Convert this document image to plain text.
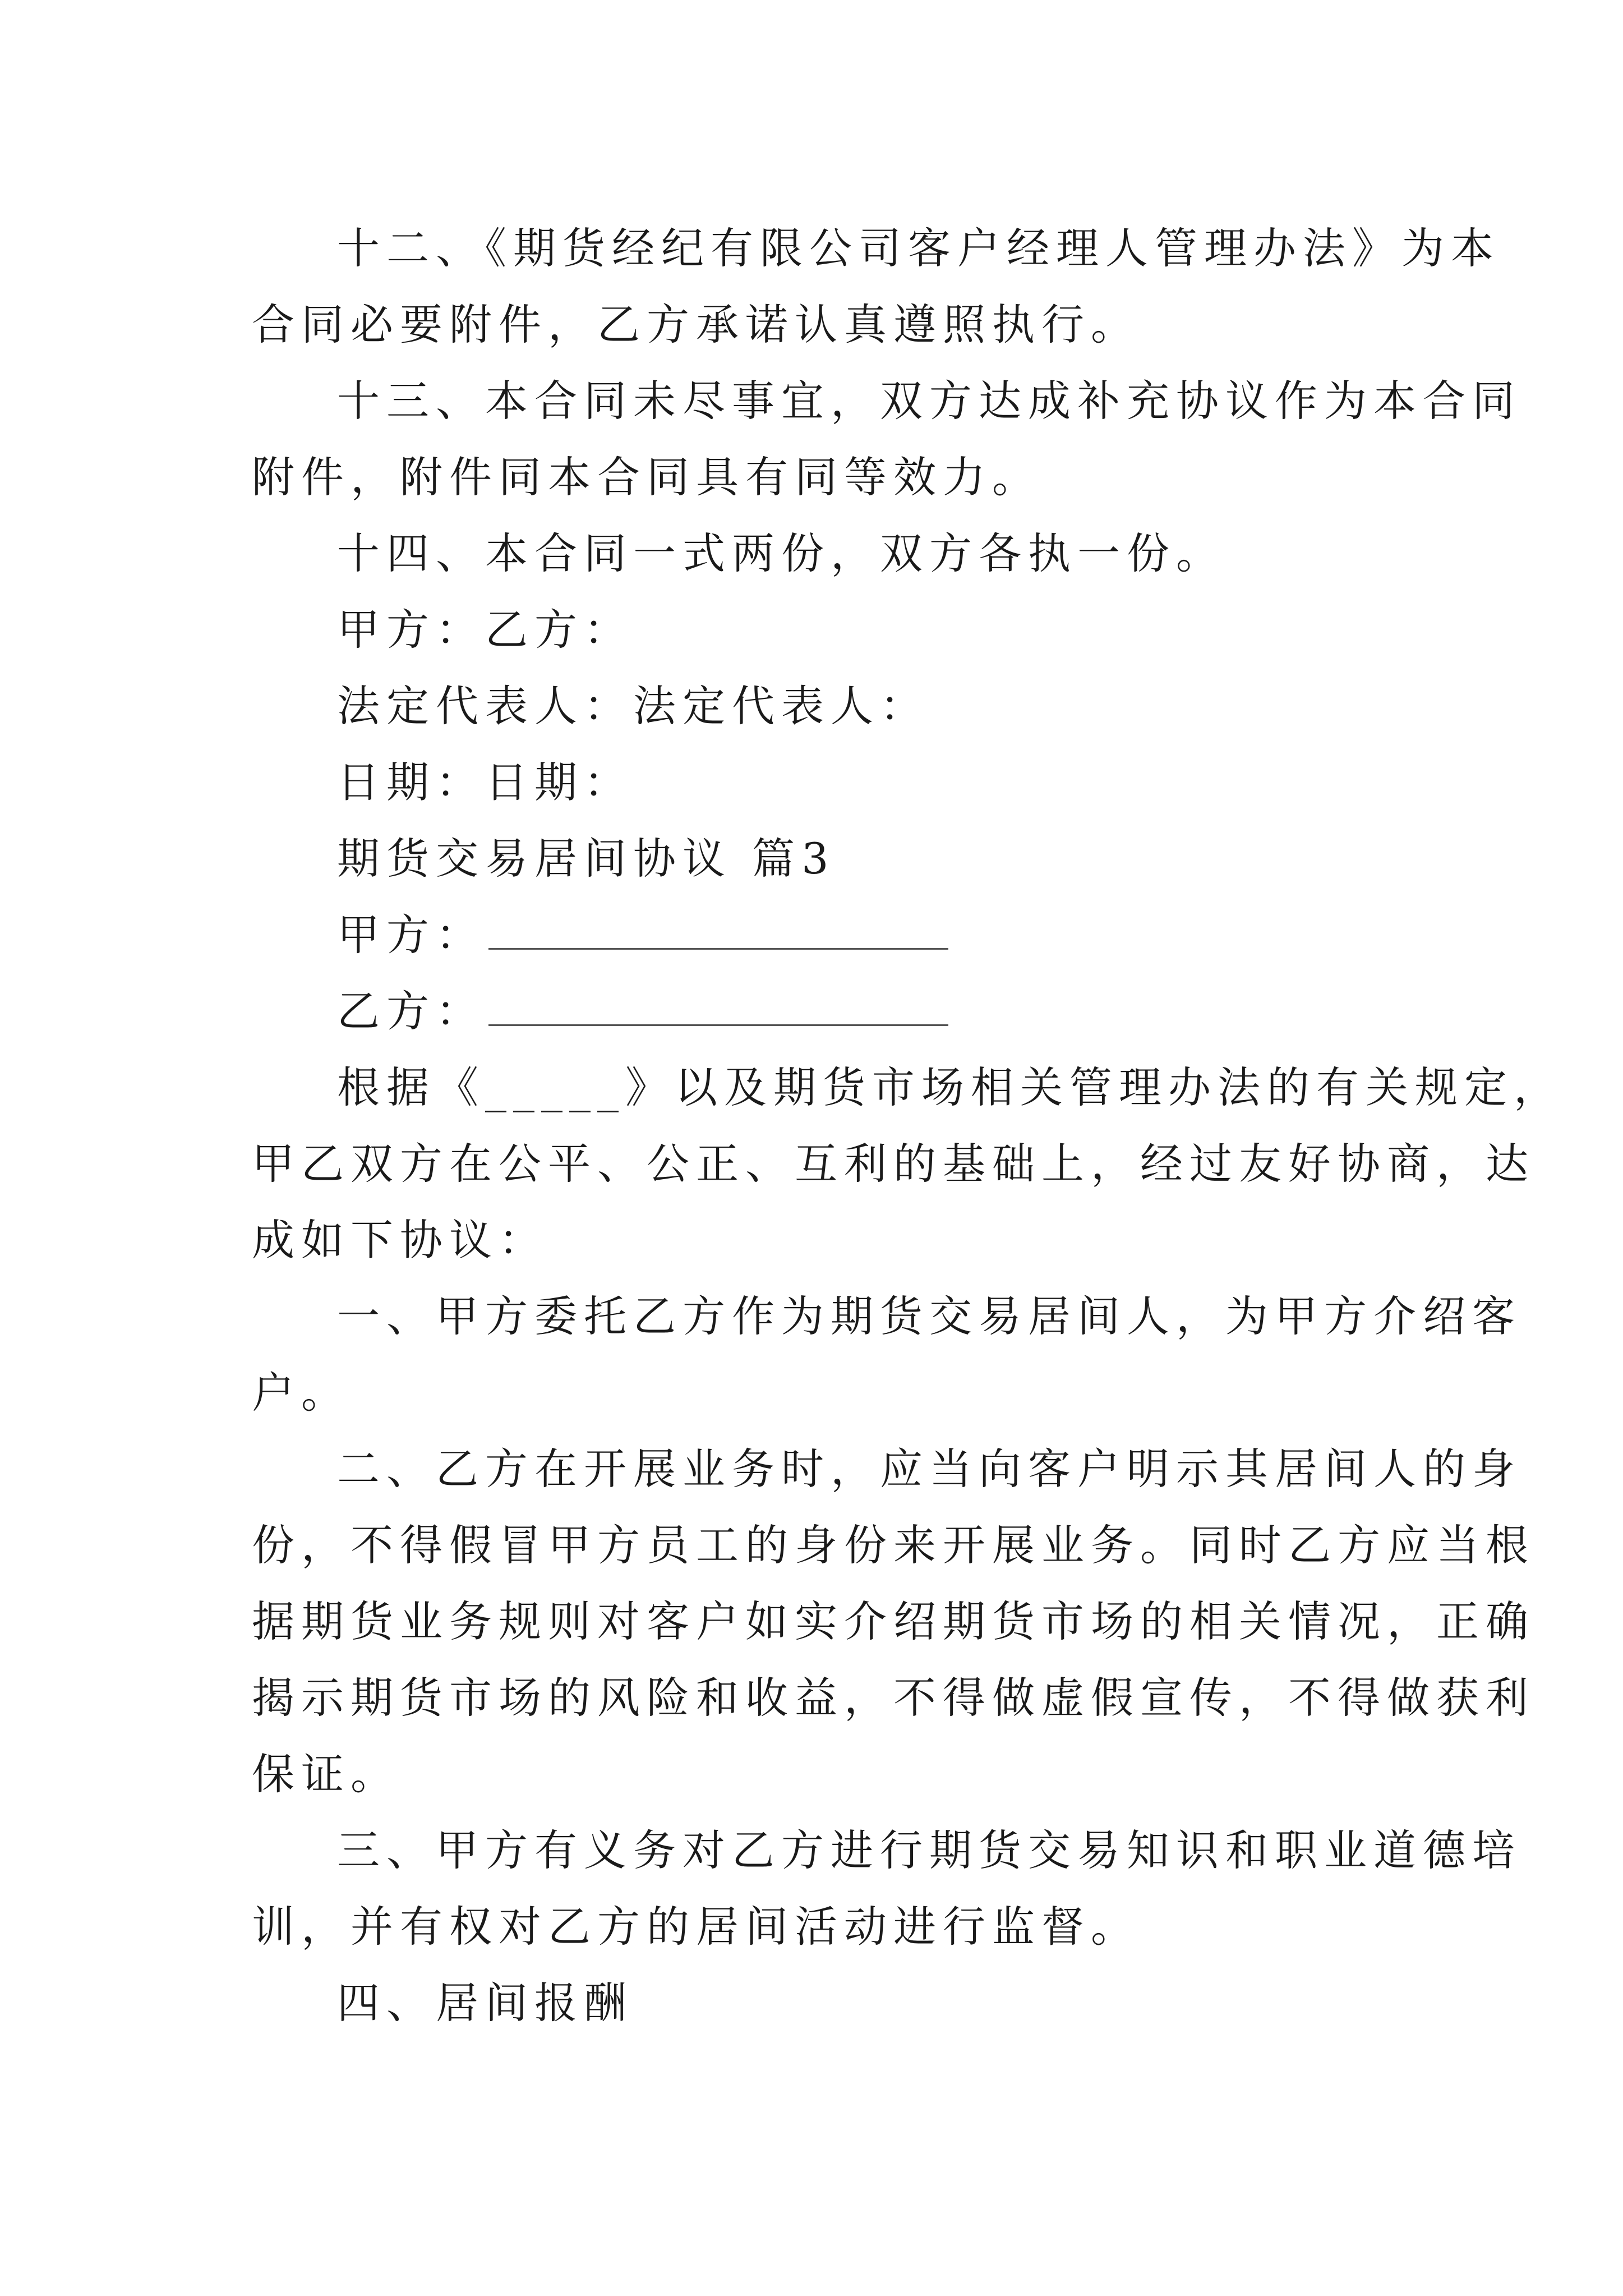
十二、《期货经纪有限公司客户经理人管理办法》为本
合同必要附件，乙方承诺认真遵照执行。
十三、本合同未尽事宜，双方达成补充协议作为本合同
附件，附件同本合同具有同等效力。
十四、本合同一式两份，双方各执一份。
甲方：乙方：
法定代表人：法定代表人：
日期：日期：
期货交易居间协议 篇3
甲方：
乙方：
根据《_____》以及期货市场相关管理办法的有关规定，
甲乙双方在公平、公正、互利的基础上，经过友好协商，达
成如下协议：
一、甲方委托乙方作为期货交易居间人，为甲方介绍客
户。
二、乙方在开展业务时，应当向客户明示其居间人的身
份，不得假冒甲方员工的身份来开展业务。同时乙方应当根
据期货业务规则对客户如实介绍期货市场的相关情况，正确
揭示期货市场的风险和收益，不得做虚假宣传，不得做获利
保证。
三、甲方有义务对乙方进行期货交易知识和职业道德培
训，并有权对乙方的居间活动进行监督。
四、居间报酬
